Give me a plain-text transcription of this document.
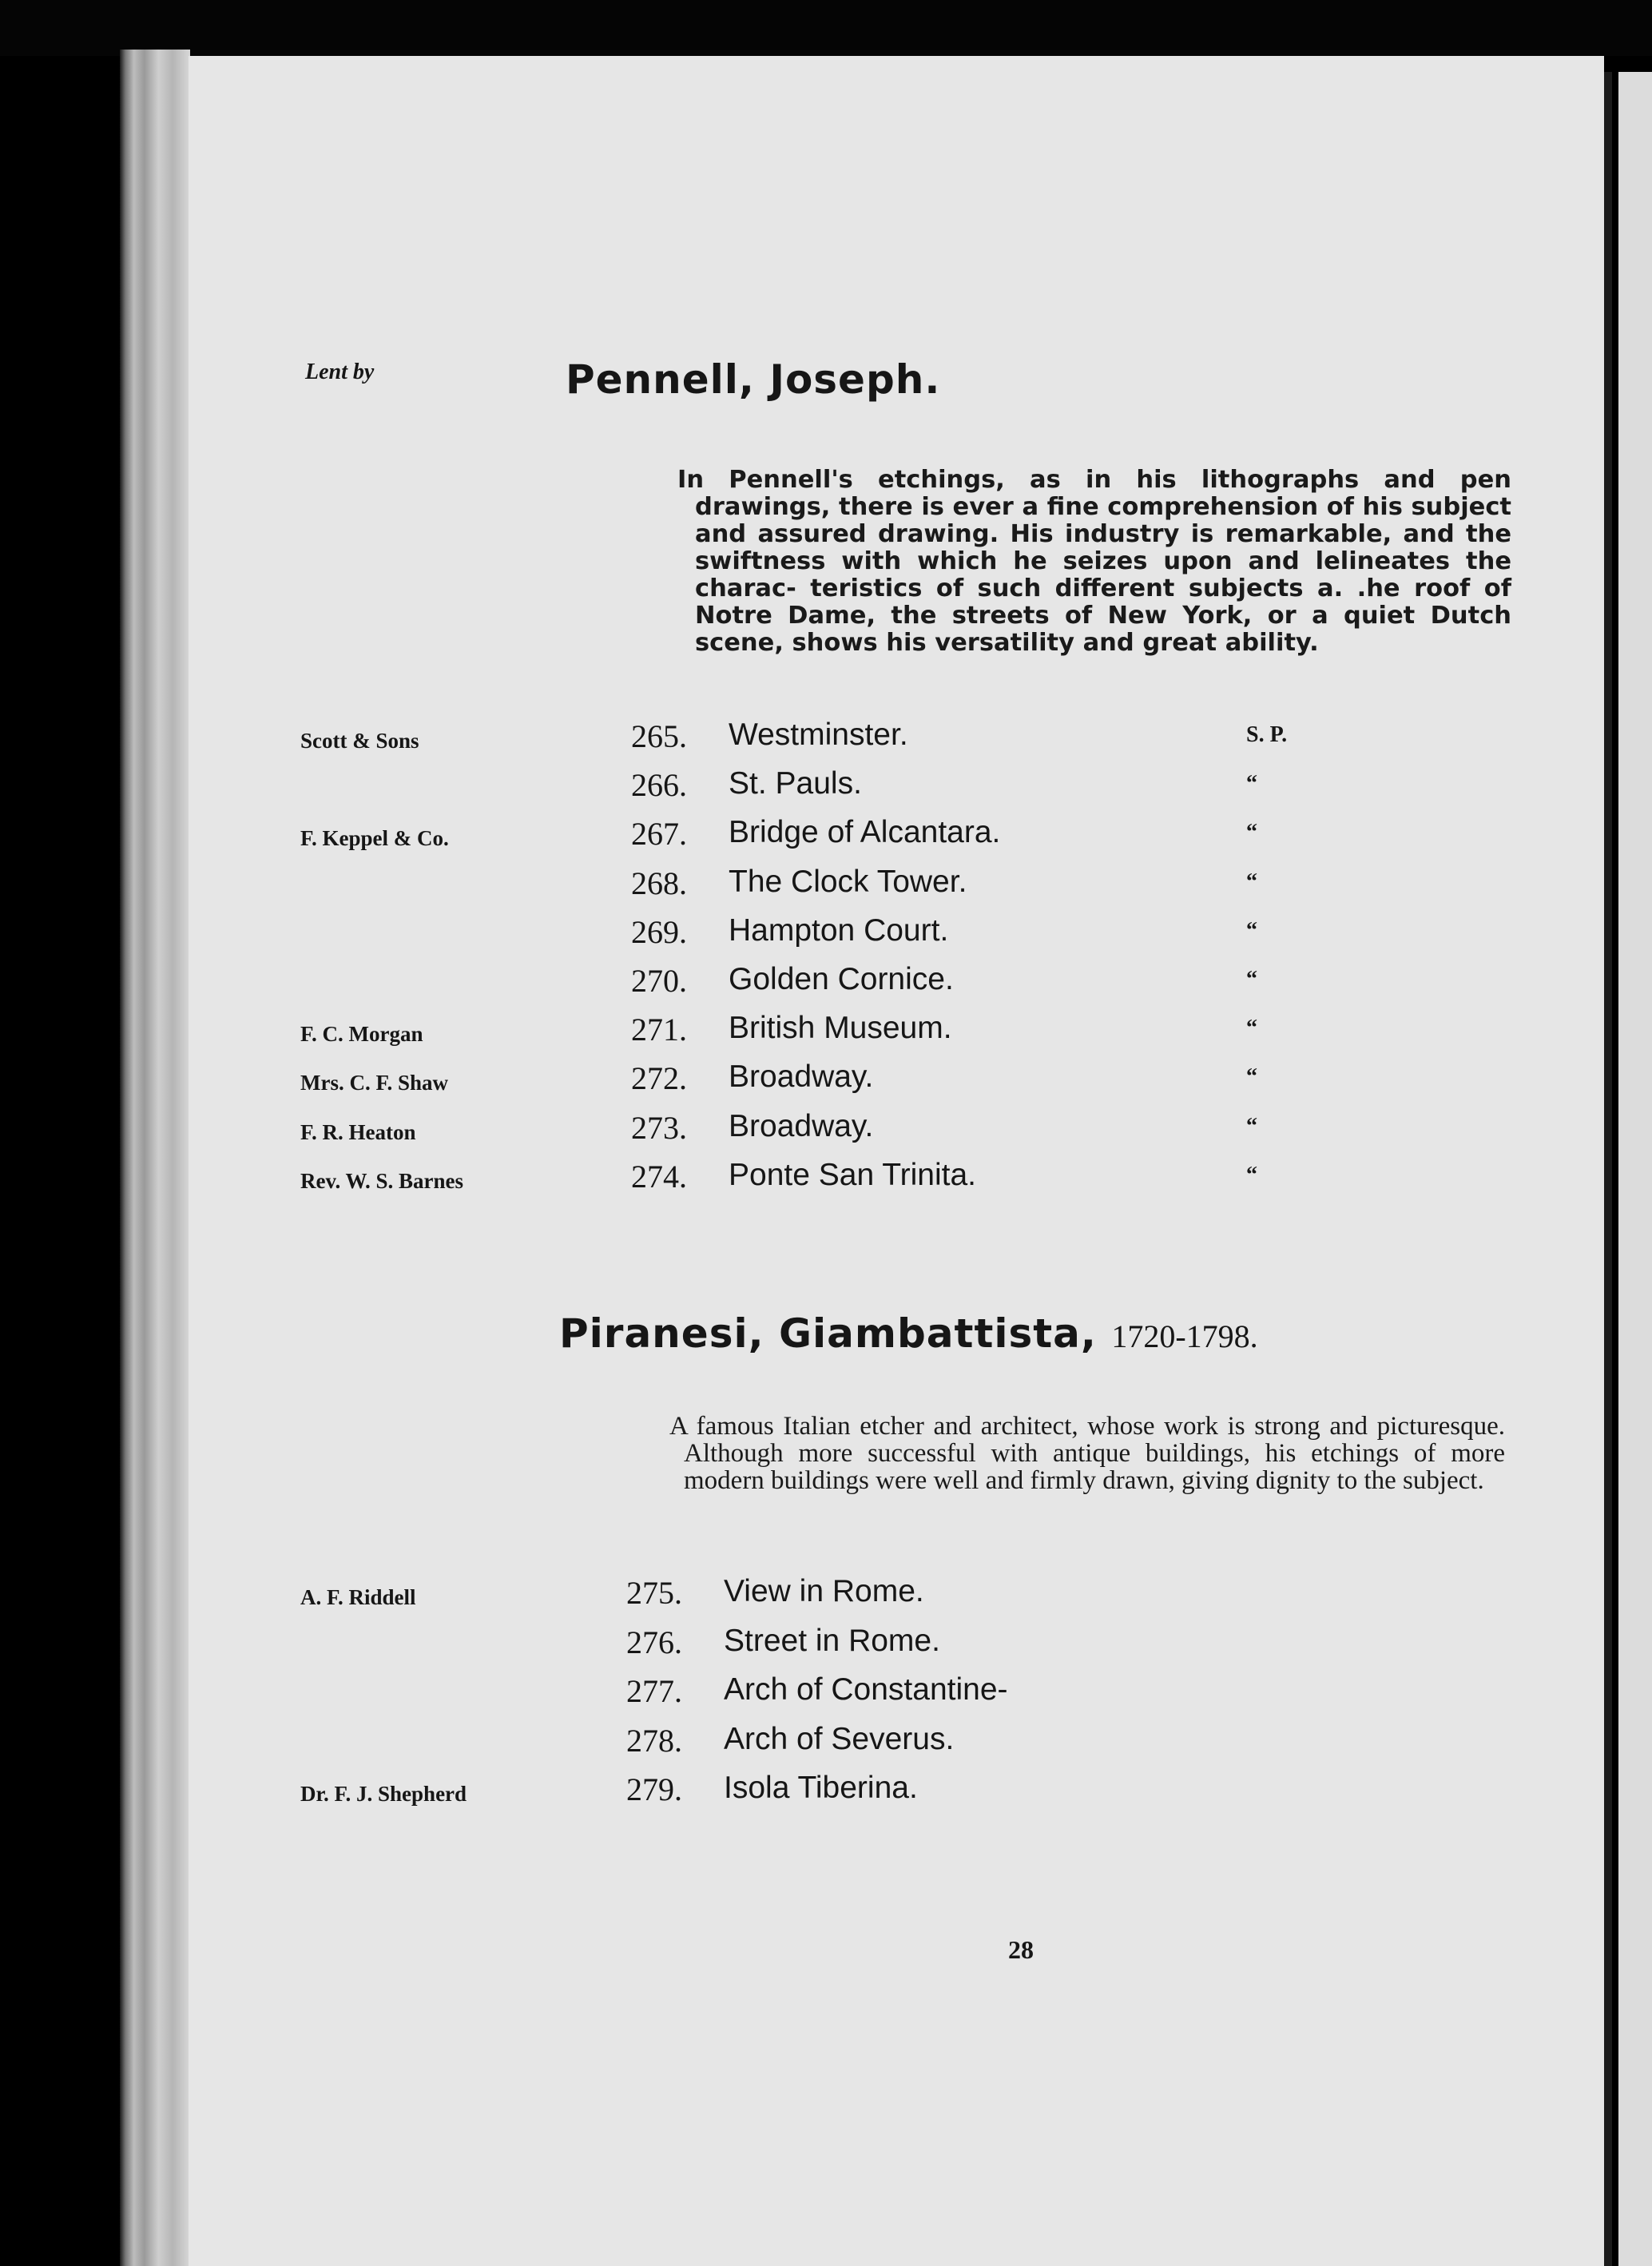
Lent by	Pennell, Joseph.
In Pennell's etchings, as in his lithographs and pen drawings, there is ever a fine comprehension of his subject and assured drawing. His industry is remarkable, and the swiftness with which he seizes upon and lelineates the charac- teristics of such different subjects a. .he roof of Notre Dame, the streets of New York, or a quiet Dutch scene, shows his versatility and great ability.
Scott & Sons	265. Westminster.	S. P.
266. St. Pauls.	“
F. Keppel & Co.	267. Bridge of Alcantara.	“
268. The Clock Tower.	“
269. Hampton Court.	“
270. Golden Cornice.	“
F. C. Morgan	271. British Museum.	“
Mrs. C. F. Shaw	272. Broadway.	“
F. R. Heaton	273. Broadway.	“
Rev. W. S. Barnes	274. Ponte San Trinita.	“
Piranesi, Giambattista, 1720-1798.
A famous Italian etcher and architect, whose work is strong and picturesque. Although more successful with antique buildings, his etchings of more modern buildings were well and firmly drawn, giving dignity to the subject.
A. F. Riddell	275. View in Rome.
276. Street in Rome.
277. Arch of Constantine-
278. Arch of Severus.
Dr. F. J. Shepherd	279. Isola Tiberina.
28
